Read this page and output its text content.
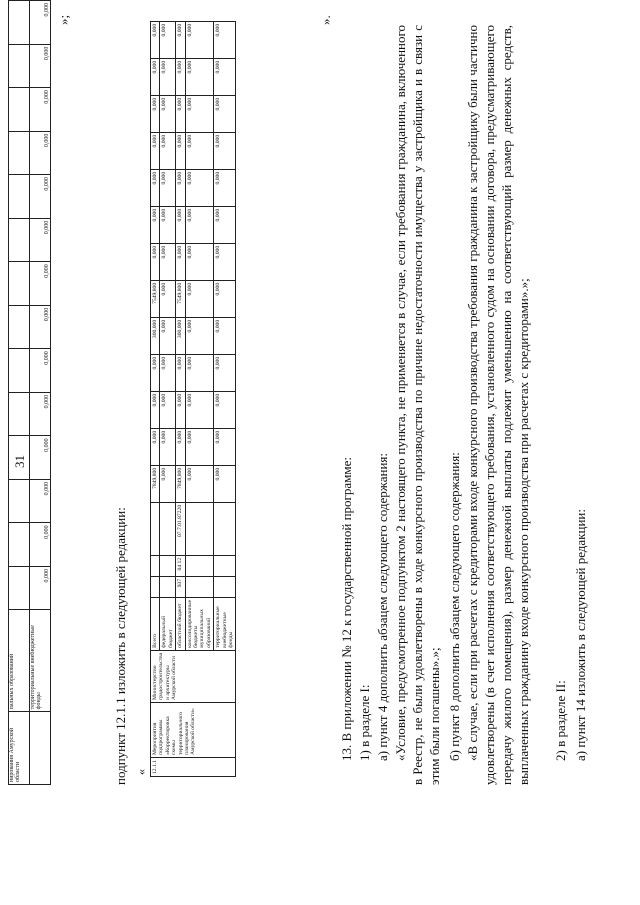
31
нирования Амурской области	пальных образований														
	территориальные внебюджетные фонды	0,000	0,000	0,000	0,000	0,000	0,000	0,000	0,000	0,000	0,000	0,000	0,000	0,000	0,000
»;
подпункт 12.1.1 изложить в следующей редакции: « 12.1.1	Мероприятия подпрограммы «Корректировка схемы территориального планирования Амурской области»	Министерство градостроительства и архитектуры Амурской области	Всего				7849,800	0,000	0,000	0,000	300,000	7549,800	0,000	0,000	0,000	0,000	0,000	0,000	0,000
			федеральный бюджет				0,000	0,000	0,000	0,000	0,000	0,000	0,000	0,000	0,000	0,000	0,000	0,000	0,000
			областной бюджет	937	04 12	07.7.01.87220	7849,800	0,000	0,000	0,000	300,000	7549,800	0,000	0,000	0,000	0,000	0,000	0,000	0,000
			консолидированные бюджеты муниципальных образований				0,000	0,000	0,000	0,000	0,000	0,000	0,000	0,000	0,000	0,000	0,000	0,000	0,000
			территориальные внебюджетные фонды				0,000	0,000	0,000	0,000	0,000	0,000	0,000	0,000	0,000	0,000	0,000	0,000	0,000
».
13. В приложении № 12 к государственной программе: 1) в разделе I: а) пункт 4 дополнить абзацем следующего содержания: «Условие, предусмотренное подпунктом 2 настоящего пункта, не применяется в случае, если требования гражданина, включенного в Реестр, не были удовлетворены в ходе конкурсного производства по причине недостаточности имущества у застройщика и в связи с этим были погашены».»; б) пункт 8 дополнить абзацем следующего содержания: «В случае, если при расчетах с кредиторами входе конкурсного производства требования гражданина к застройщику были частично удовлетворены (в счет исполнения соответствующего требования, установленного судом на основании договора, предусматривающего передачу жилого помещения), размер денежной выплаты подлежит уменьшению на соответствующий размер денежных средств, выплаченных гражданину входе конкурсного производства при расчетах с кредиторами».»; 2) в разделе II: а) пункт 14 изложить в следующей редакции:
